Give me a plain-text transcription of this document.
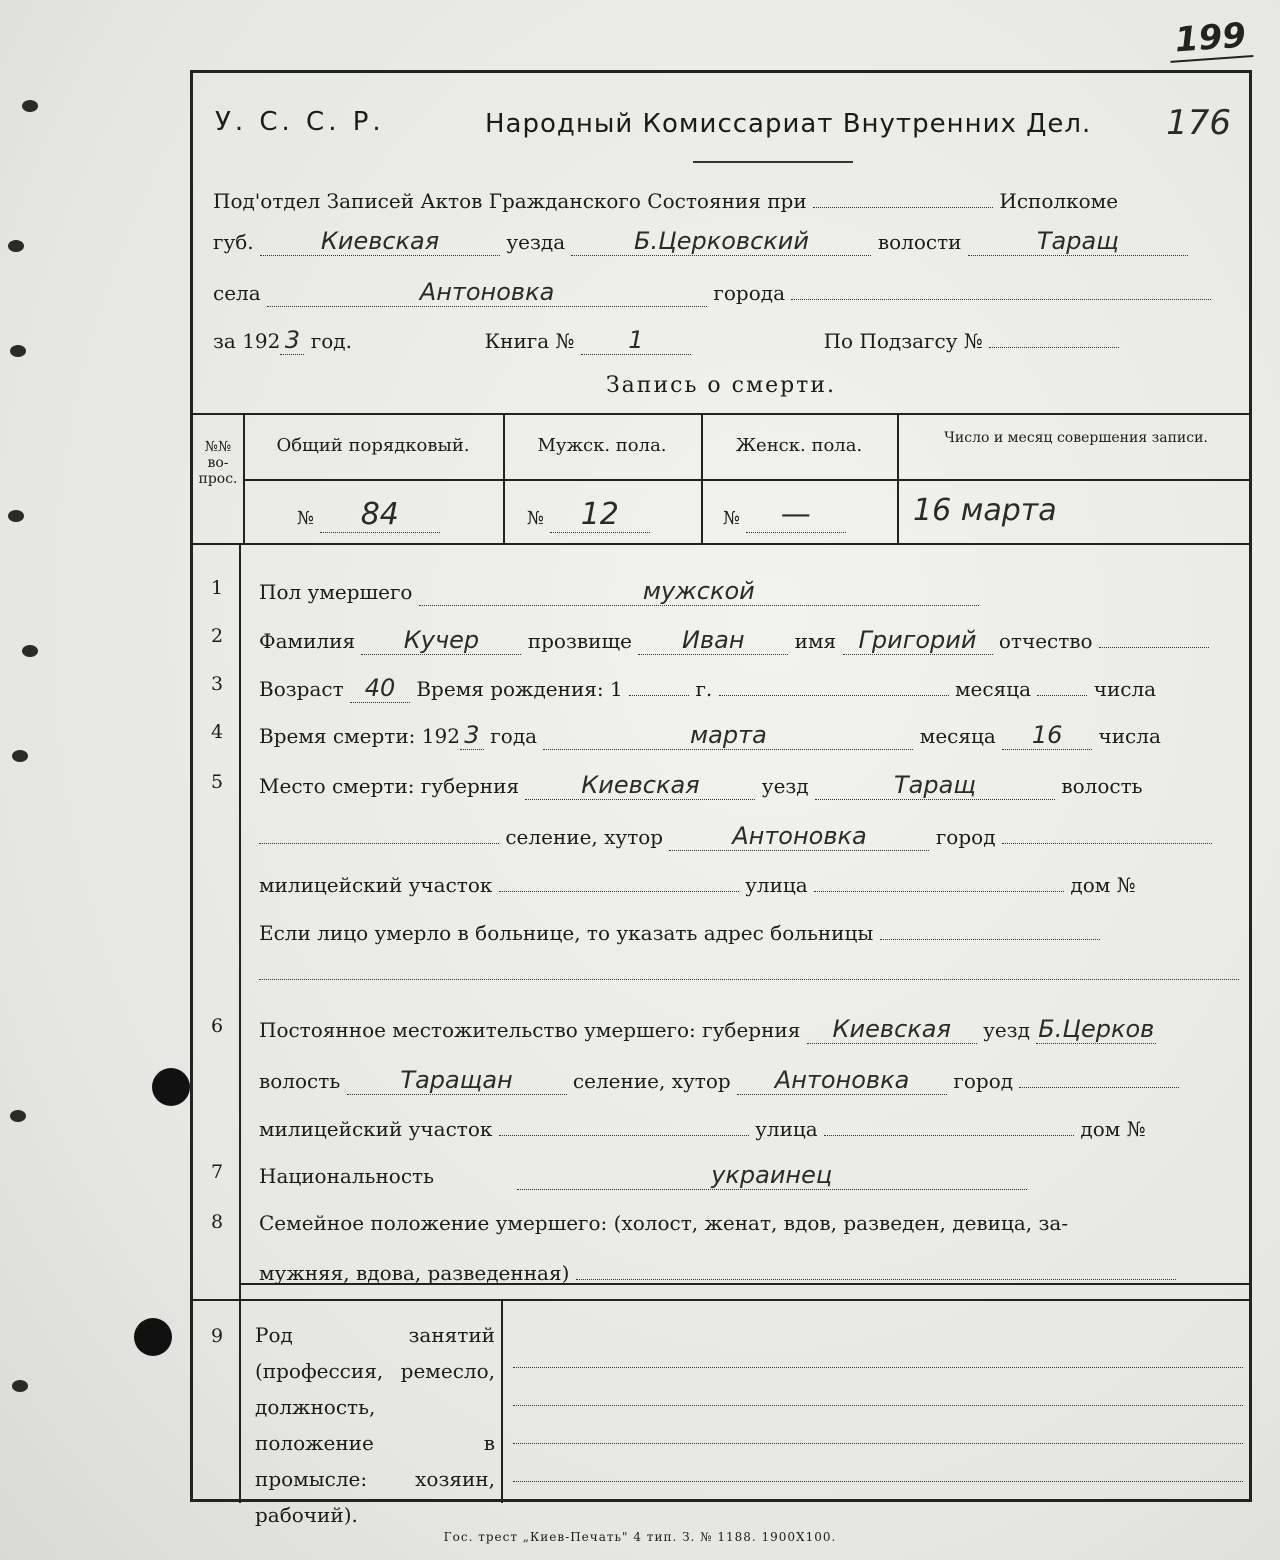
199
У. С. С. Р.	Народный Комиссариат Внутренних Дел. 176
Под'отдел Записей Актов Гражданского Состояния при	Исполкоме
губ.	Киевская	уезда	Б.Церковский	волости	Таращ
села	Антоновка	города
за 192 3 год.	Книга № 1	По Подзагсу №
Запись о смерти.
№№ во-прос.
Общий порядковый.	Мужск. пола.	Женск. пола.	Число и месяц совершения записи.
№ 84	№ 12	№ —	16 марта
1	Пол умершего	мужской
2	Фамилия Кучер прозвище Иван	имя Григорий отчество
3	Возраст 40 Время рождения: 1	г.	месяца	числа
4	Время смерти: 192 3 года	марта	месяца 16 числа
5	Место смерти: губерния	Киевская	уезд	Таращ	волость
селение, хутор	Антоновка	город
милицейский участок	улица	дом №
Если лицо умерло в больнице, то указать адрес больницы
6	Постоянное местожительство умершего: губерния Киевская уезд Б.Церков
волость	Таращан	селение, хутор Антоновка город
милицейский участок	улица	дом №
7	Национальность	украинец
8	Семейное положение умершего: (холост, женат, вдов, разведен, девица, за-
мужняя, вдова, разведенная)
9	Род занятий (профессия, ремесло, должность, положение в промысле: хозяин, рабочий).
Гос. трест „Киев-Печать" 4 тип. З. № 1188. 1900Х100.
